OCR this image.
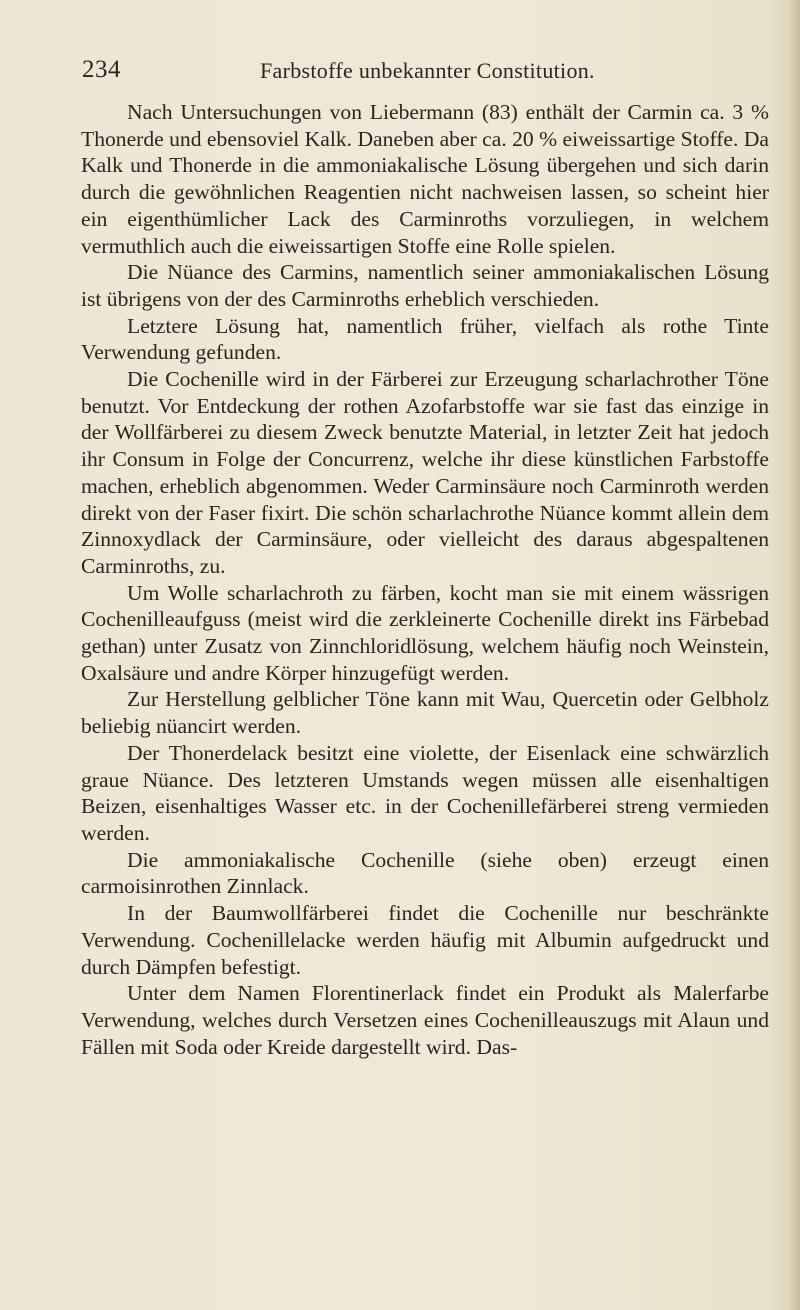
234	Farbstoffe unbekannter Constitution.

Nach Untersuchungen von Liebermann (83) enthält der Carmin ca. 3 % Thonerde und ebensoviel Kalk. Daneben aber ca. 20 % eiweissartige Stoffe. Da Kalk und Thonerde in die ammoniakalische Lösung übergehen und sich darin durch die gewöhnlichen Reagentien nicht nachweisen lassen, so scheint hier ein eigenthümlicher Lack des Carminroths vorzuliegen, in welchem vermuthlich auch die eiweissartigen Stoffe eine Rolle spielen.

Die Nüance des Carmins, namentlich seiner ammoniakalischen Lösung ist übrigens von der des Carminroths erheblich verschieden.

Letztere Lösung hat, namentlich früher, vielfach als rothe Tinte Verwendung gefunden.

Die Cochenille wird in der Färberei zur Erzeugung scharlachrother Töne benutzt. Vor Entdeckung der rothen Azofarbstoffe war sie fast das einzige in der Wollfärberei zu diesem Zweck benutzte Material, in letzter Zeit hat jedoch ihr Consum in Folge der Concurrenz, welche ihr diese künstlichen Farbstoffe machen, erheblich abgenommen. Weder Carminsäure noch Carminroth werden direkt von der Faser fixirt. Die schön scharlachrothe Nüance kommt allein dem Zinnoxydlack der Carminsäure, oder vielleicht des daraus abgespaltenen Carminroths, zu.

Um Wolle scharlachroth zu färben, kocht man sie mit einem wässrigen Cochenilleaufguss (meist wird die zerkleinerte Cochenille direkt ins Färbebad gethan) unter Zusatz von Zinnchloridlösung, welchem häufig noch Weinstein, Oxalsäure und andre Körper hinzugefügt werden.

Zur Herstellung gelblicher Töne kann mit Wau, Quercetin oder Gelbholz beliebig nüancirt werden.

Der Thonerdelack besitzt eine violette, der Eisenlack eine schwärzlich graue Nüance. Des letzteren Umstands wegen müssen alle eisenhaltigen Beizen, eisenhaltiges Wasser etc. in der Cochenillefärberei streng vermieden werden.

Die ammoniakalische Cochenille (siehe oben) erzeugt einen carmoisinrothen Zinnlack.

In der Baumwollfärberei findet die Cochenille nur beschränkte Verwendung. Cochenillelacke werden häufig mit Albumin aufgedruckt und durch Dämpfen befestigt.

Unter dem Namen Florentinerlack findet ein Produkt als Malerfarbe Verwendung, welches durch Versetzen eines Cochenilleauszugs mit Alaun und Fällen mit Soda oder Kreide dargestellt wird. Das-
